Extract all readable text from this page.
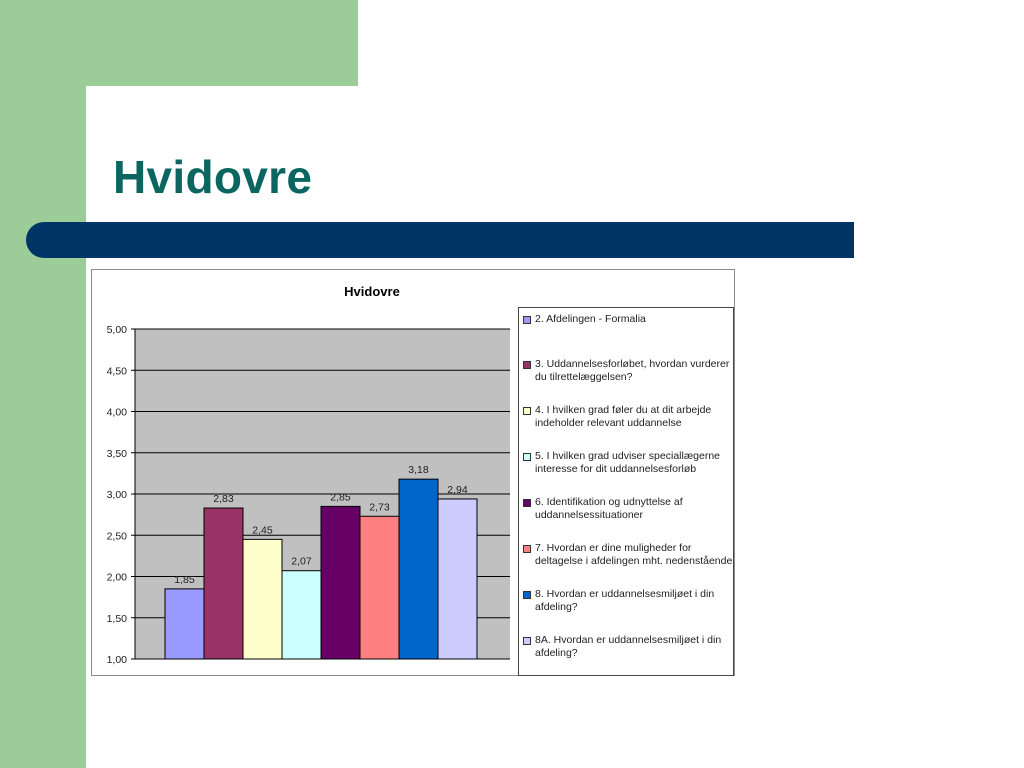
Hvidovre
1,00
1,50
2,00
2,50
3,00
3,50
4,00
4,50
5,00
1,85
2,83
2,45
2,07
2,85
2,73
3,18
2,94
Hvidovre
2. Afdelingen - Formalia
3. Uddannelsesforløbet, hvordan vurderer du tilrettelæggelsen?
4. I hvilken grad føler du at dit arbejde indeholder relevant uddannelse
5. I hvilken grad udviser speciallægerne interesse for dit uddannelsesforløb
6. Identifikation og udnyttelse af uddannelsessituationer
7. Hvordan er dine muligheder for deltagelse i afdelingen mht. nedenstående
8. Hvordan er uddannelsesmiljøet i din afdeling?
8A. Hvordan er uddannelsesmiljøet i din afdeling?
